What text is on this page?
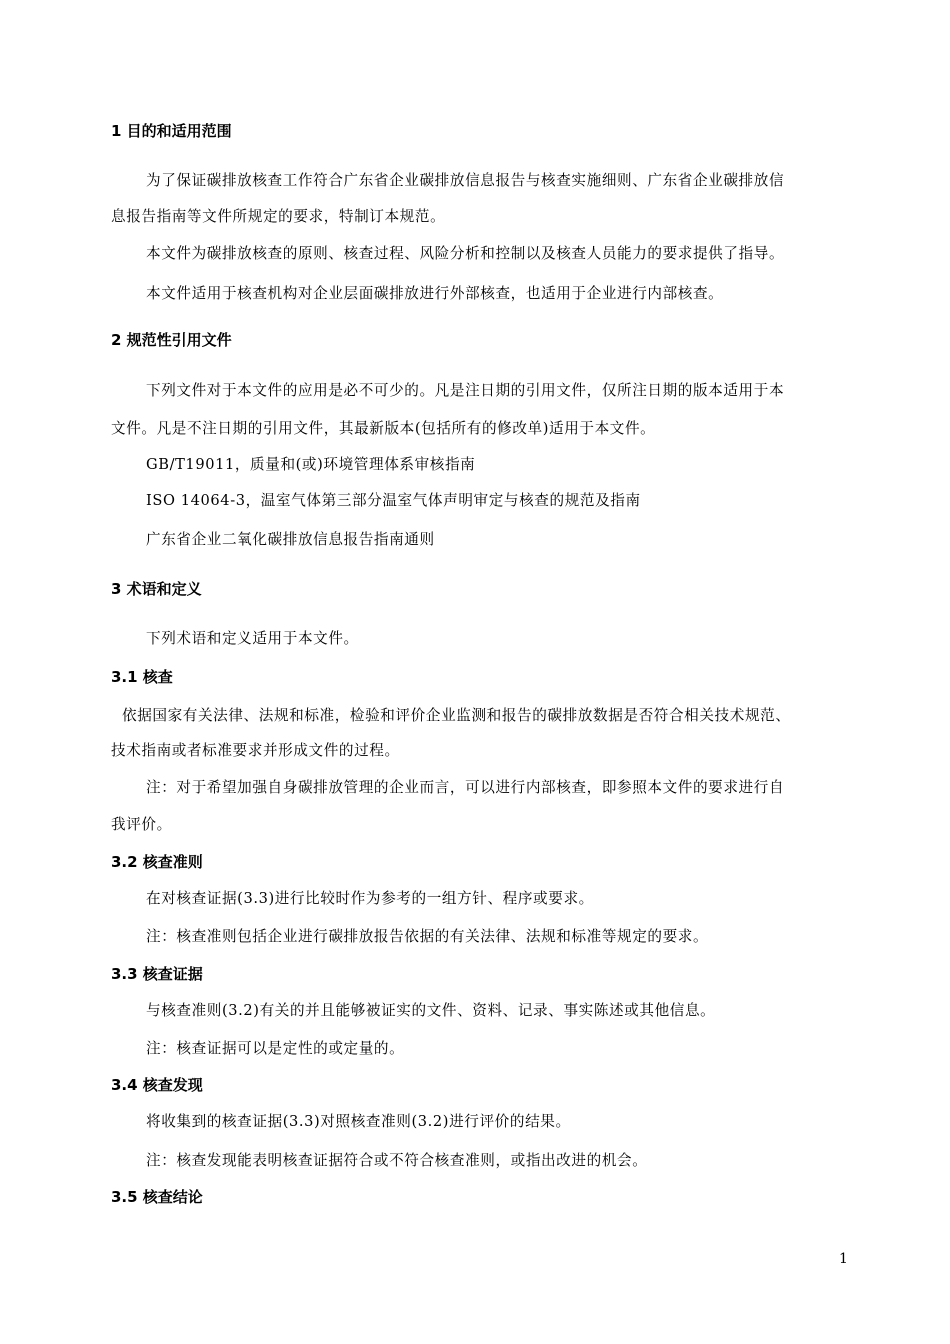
1 目的和适用范围
为了保证碳排放核查工作符合广东省企业碳排放信息报告与核查实施细则、广东省企业碳排放信
息报告指南等文件所规定的要求，特制订本规范。
本文件为碳排放核查的原则、核查过程、风险分析和控制以及核查人员能力的要求提供了指导。
本文件适用于核查机构对企业层面碳排放进行外部核查，也适用于企业进行内部核查。
2 规范性引用文件
下列文件对于本文件的应用是必不可少的。凡是注日期的引用文件，仅所注日期的版本适用于本
文件。凡是不注日期的引用文件，其最新版本(包括所有的修改单)适用于本文件。
GB/T19011，质量和(或)环境管理体系审核指南
ISO 14064-3，温室气体第三部分温室气体声明审定与核查的规范及指南
广东省企业二氧化碳排放信息报告指南通则
3 术语和定义
下列术语和定义适用于本文件。
3.1 核查
依据国家有关法律、法规和标准，检验和评价企业监测和报告的碳排放数据是否符合相关技术规范、
技术指南或者标准要求并形成文件的过程。
注：对于希望加强自身碳排放管理的企业而言，可以进行内部核查，即参照本文件的要求进行自
我评价。
3.2 核查准则
在对核查证据(3.3)进行比较时作为参考的一组方针、程序或要求。
注：核查准则包括企业进行碳排放报告依据的有关法律、法规和标准等规定的要求。
3.3 核查证据
与核查准则(3.2)有关的并且能够被证实的文件、资料、记录、事实陈述或其他信息。
注：核查证据可以是定性的或定量的。
3.4 核查发现
将收集到的核查证据(3.3)对照核查准则(3.2)进行评价的结果。
注：核查发现能表明核查证据符合或不符合核查准则，或指出改进的机会。
3.5 核查结论
1
